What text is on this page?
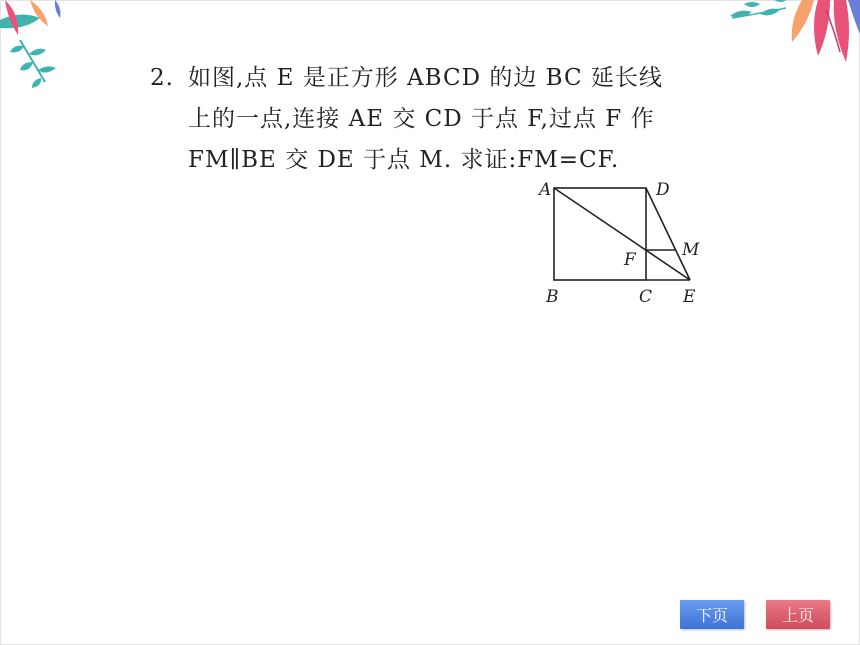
2. 如图,点 E 是正方形 ABCD 的边 BC 延长线
上的一点,连接 AE 交 CD 于点 F,过点 F 作
FM∥BE 交 DE 于点 M. 求证:FM=CF.
A	D
B	C E
F	M
下页	上页
